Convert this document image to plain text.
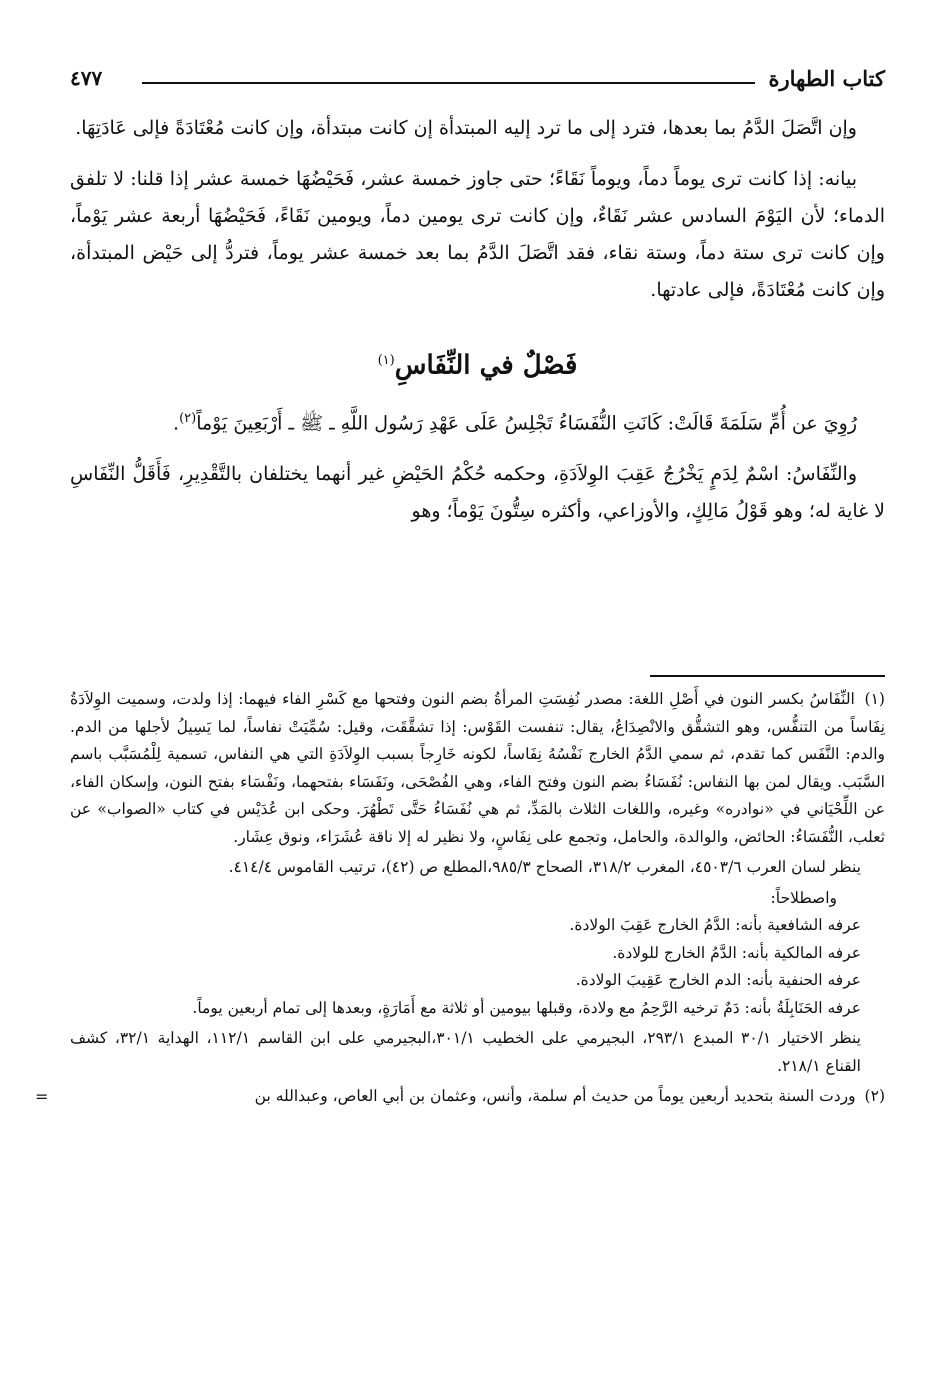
كتاب الطهارة
٤٧٧

وإن اتَّصَلَ الدَّمُ بما بعدها، فترد إلى ما ترد إليه المبتدأة إن كانت مبتدأة، وإن كانت مُعْتَادَةً فإلى عَادَتِهَا.

بيانه: إذا كانت ترى يوماً دماً، ويوماً نَقَاءً؛ حتى جاوز خمسة عشر، فَحَيْضُهَا خمسة عشر إذا قلنا: لا تلفق الدماء؛ لأن اليَوْمَ السادس عشر نَقَاءٌ، وإن كانت ترى يومين دماً، ويومين نَقَاءً، فَحَيْضُهَا أربعة عشر يَوْماً، وإن كانت ترى ستة دماً، وستة نقاء، فقد اتَّصَلَ الدَّمُ بما بعد خمسة عشر يوماً، فتردُّ إلى حَيْض المبتدأة، وإن كانت مُعْتَادَةً، فإلى عادتها.

فَصْلٌ في النِّفَاسِ$^{(١)}$

رُوِيَ عن أُمِّ سَلَمَةَ قَالَتْ: كَانَتِ النُّفَسَاءُ تَجْلِسُ عَلَى عَهْدِ رَسُول اللَّهِ ـ ﷺ ـ أَرْبَعِينَ يَوْماً$^{(٢)}$.

والنِّفَاسُ: اسْمٌ لِدَمٍ يَخْرُجُ عَقِبَ الوِلاَدَةِ، وحكمه حُكْمُ الحَيْضِ غير أنهما يختلفان بالتَّقْدِيرِ، فَأَقَلُّ النِّفَاسِ لا غاية له؛ وهو قَوْلُ مَالِكٍ، والأوزاعي، وأكثره سِتُّونَ يَوْماً؛ وهو

(١) النِّفَاسُ بكسر النون في أَصْلِ اللغة: مصدر نُفِسَتِ المرأةُ بضم النون وفتحها مع كَسْرِ الفاء فيهما: إذا ولدت، وسميت الوِلاَدَةُ نِفَاساً من التنفُّس، وهو التشقُّق والانْصِدَاعُ، يقال: تنفست القَوْس: إذا تشقَّقَت، وقيل: سُمِّيَتْ نفاساً، لما يَسِيلُ لأجلها من الدم. والدم: النَّفَس كما تقدم، ثم سمي الدَّمُ الخارج نَفْسُهُ نِفَاساً، لكونه خَارِجاً بسبب الوِلاَدَةِ التي هي النفاس، تسمية لِلْمُسَبَّب باسم السَّبَب. ويقال لمن بها النفاس: نُفَسَاءُ بضم النون وفتح الفاء، وهي الفُصْحَى، ونَفَسَاء بفتحهما، ونَفْسَاء بفتح النون، وإسكان الفاء، عن اللِّحْيَاني في «نوادره» وغيره، واللغات الثلاث بالمَدِّ، ثم هي نُفَسَاءُ حَتَّى تَطْهُرَ. وحكى ابن عُدَيْس في كتاب «الصواب» عن ثعلب، النُّفَسَاءُ: الحائض، والوالدة، والحامل، وتجمع على نِفَاسٍ، ولا نظير له إلا ناقة عُشَرَاء، ونوق عِشَار.

ينظر لسان العرب ٤٥٠٣/٦، المغرب ٣١٨/٢، الصحاح ٩٨٥/٣،المطلع ص (٤٢)، ترتيب القاموس ٤١٤/٤.

واصطلاحاً:

عرفه الشافعية بأنه: الدَّمُ الخارج عَقِبَ الولادة.

عرفه المالكية بأنه: الدَّمُ الخارج للولادة.

عرفه الحنفية بأنه: الدم الخارج عَقِيبَ الولادة.

عرفه الحَنَابِلَةُ بأنه: دَمٌ ترخيه الرَّحِمُ مع ولادة، وقبلها بيومين أو ثلاثة مع أَمَارَةٍ، وبعدها إلى تمام أربعين يوماً.

ينظر الاختيار ٣٠/١ المبدع ٢٩٣/١، البجيرمي على الخطيب ٣٠١/١،البجيرمي على ابن القاسم ١١٢/١، الهداية ٣٢/١، كشف القناع ٢١٨/١.

(٢) وردت السنة بتحديد أربعين يوماً من حديث أم سلمة، وأنس، وعثمان بن أبي العاص، وعبدالله بن
=
